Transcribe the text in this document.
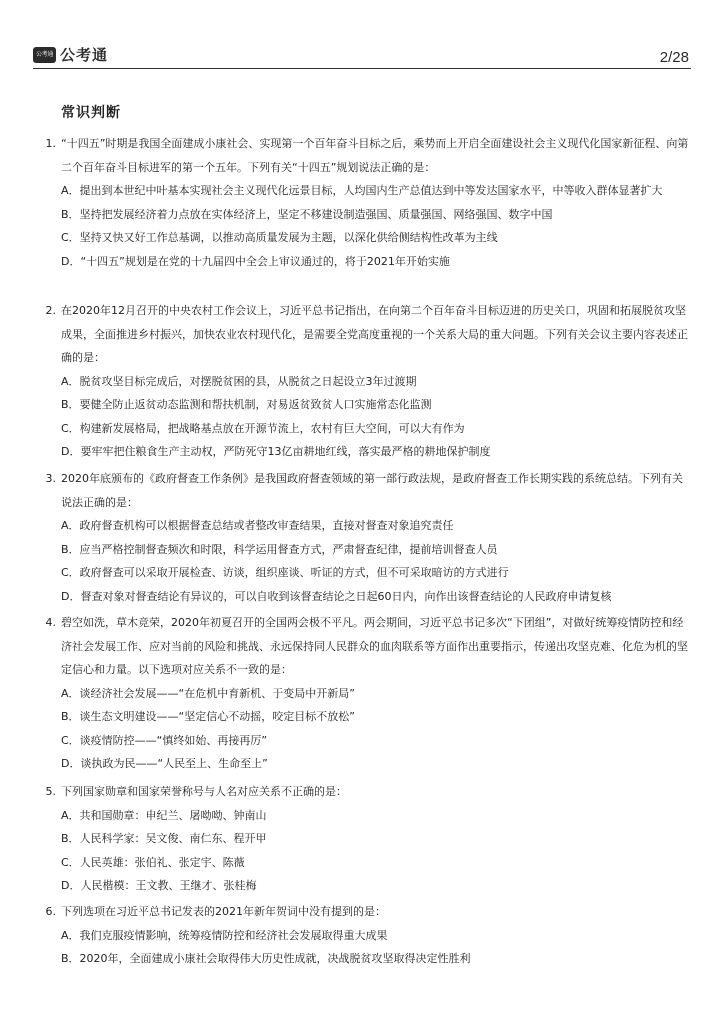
公考通 公考通	2/28
常识判断
1. “十四五”时期是我国全面建成小康社会、实现第一个百年奋斗目标之后，乘势而上开启全面建设社会主义现代化国家新征程、向第二个百年奋斗目标进军的第一个五年。下列有关“十四五”规划说法正确的是：
A．提出到本世纪中叶基本实现社会主义现代化远景目标，人均国内生产总值达到中等发达国家水平，中等收入群体显著扩大
B．坚持把发展经济着力点放在实体经济上，坚定不移建设制造强国、质量强国、网络强国、数字中国
C．坚持又快又好工作总基调，以推动高质量发展为主题，以深化供给侧结构性改革为主线
D．“十四五”规划是在党的十九届四中全会上审议通过的，将于2021年开始实施
2. 在2020年12月召开的中央农村工作会议上，习近平总书记指出，在向第二个百年奋斗目标迈进的历史关口，巩固和拓展脱贫攻坚成果，全面推进乡村振兴，加快农业农村现代化，是需要全党高度重视的一个关系大局的重大问题。下列有关会议主要内容表述正确的是：
A．脱贫攻坚目标完成后，对摆脱贫困的县，从脱贫之日起设立3年过渡期
B．要健全防止返贫动态监测和帮扶机制，对易返贫致贫人口实施常态化监测
C．构建新发展格局，把战略基点放在开源节流上，农村有巨大空间，可以大有作为
D．要牢牢把住粮食生产主动权，严防死守13亿亩耕地红线，落实最严格的耕地保护制度
3. 2020年底颁布的《政府督查工作条例》是我国政府督查领域的第一部行政法规，是政府督查工作长期实践的系统总结。下列有关说法正确的是：
A．政府督查机构可以根据督查总结或者整改审查结果，直接对督查对象追究责任
B．应当严格控制督查频次和时限，科学运用督查方式，严肃督查纪律，提前培训督查人员
C．政府督查可以采取开展检查、访谈，组织座谈、听证的方式，但不可采取暗访的方式进行
D．督查对象对督查结论有异议的，可以自收到该督查结论之日起60日内，向作出该督查结论的人民政府申请复核
4. 碧空如洗，草木竞荣，2020年初夏召开的全国两会极不平凡。两会期间，习近平总书记多次“下团组”，对做好统筹疫情防控和经济社会发展工作、应对当前的风险和挑战、永远保持同人民群众的血肉联系等方面作出重要指示，传递出攻坚克难、化危为机的坚定信心和力量。以下选项对应关系不一致的是：
A．谈经济社会发展——“在危机中育新机、于变局中开新局”
B．谈生态文明建设——“坚定信心不动摇，咬定目标不放松”
C．谈疫情防控——“慎终如始、再接再厉”
D．谈执政为民——“人民至上、生命至上”
5. 下列国家勋章和国家荣誉称号与人名对应关系不正确的是：
A．共和国勋章：申纪兰、屠呦呦、钟南山
B．人民科学家：吴文俊、南仁东、程开甲
C．人民英雄：张伯礼、张定宇、陈薇
D．人民楷模：王文教、王继才、张桂梅
6. 下列选项在习近平总书记发表的2021年新年贺词中没有提到的是：
A．我们克服疫情影响，统筹疫情防控和经济社会发展取得重大成果
B．2020年，全面建成小康社会取得伟大历史性成就，决战脱贫攻坚取得决定性胜利
